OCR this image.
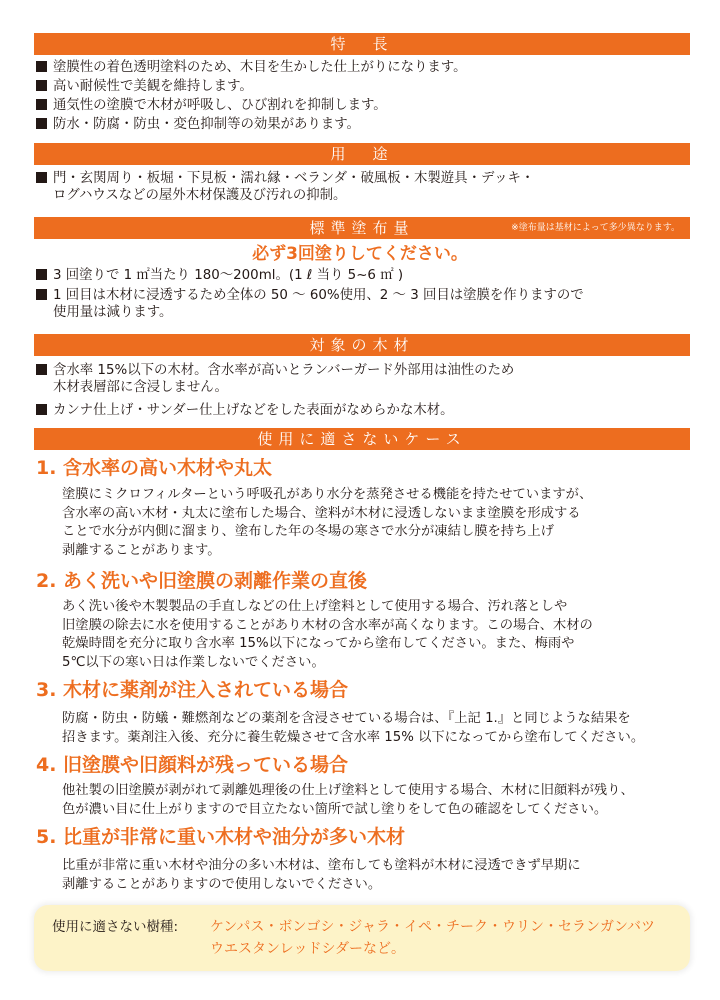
特　長
塗膜性の着色透明塗料のため、木目を生かした仕上がりになります。
高い耐候性で美観を維持します。
通気性の塗膜で木材が呼吸し、ひび割れを抑制します。
防水・防腐・防虫・変色抑制等の効果があります。
用　途
門・玄関周り・板堀・下見板・濡れ縁・ベランダ・破風板・木製遊具・デッキ・
ログハウスなどの屋外木材保護及び汚れの抑制。
標準塗布量	※塗布量は基材によって多少異なります。
必ず3回塗りしてください。
3 回塗りで 1 ㎡当たり 180～200ml。(1 ℓ 当り 5~6 ㎡ )
1 回目は木材に浸透するため全体の 50 ～ 60%使用、2 ～ 3 回目は塗膜を作りますので
使用量は減ります。
対象の木材
含水率 15%以下の木材。含水率が高いとランバーガード外部用は油性のため
木材表層部に含浸しません。
カンナ仕上げ・サンダー仕上げなどをした表面がなめらかな木材。
使用に適さないケース
1. 含水率の高い木材や丸太
塗膜にミクロフィルターという呼吸孔があり水分を蒸発させる機能を持たせていますが、
含水率の高い木材・丸太に塗布した場合、塗料が木材に浸透しないまま塗膜を形成する
ことで水分が内側に溜まり、塗布した年の冬場の寒さで水分が凍結し膜を持ち上げ
剥離することがあります。
2. あく洗いや旧塗膜の剥離作業の直後
あく洗い後や木製製品の手直しなどの仕上げ塗料として使用する場合、汚れ落としや
旧塗膜の除去に水を使用することがあり木材の含水率が高くなります。この場合、木材の
乾燥時間を充分に取り含水率 15%以下になってから塗布してください。また、梅雨や
5℃以下の寒い日は作業しないでください。
3. 木材に薬剤が注入されている場合
防腐・防虫・防蟻・難燃剤などの薬剤を含浸させている場合は、『上記 1.』と同じような結果を
招きます。薬剤注入後、充分に養生乾燥させて含水率 15% 以下になってから塗布してください。
4. 旧塗膜や旧顔料が残っている場合
他社製の旧塗膜が剥がれて剥離処理後の仕上げ塗料として使用する場合、木材に旧顔料が残り、
色が濃い目に仕上がりますので目立たない箇所で試し塗りをして色の確認をしてください。
5. 比重が非常に重い木材や油分が多い木材
比重が非常に重い木材や油分の多い木材は、塗布しても塗料が木材に浸透できず早期に
剥離することがありますので使用しないでください。
使用に適さない樹種: ケンパス・ボンゴシ・ジャラ・イペ・チーク・ウリン・セランガンバツ
ウエスタンレッドシダーなど。
